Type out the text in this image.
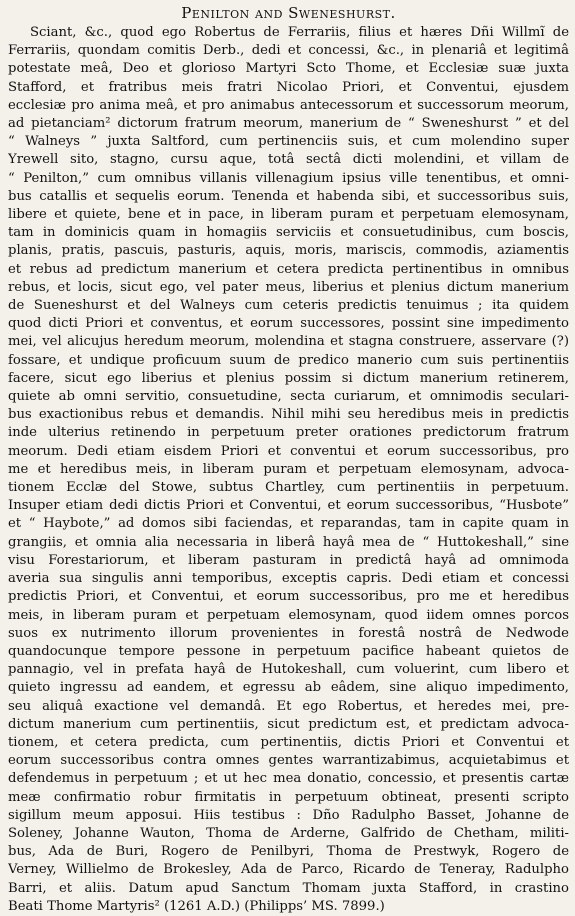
Penilton and Sweneshurst.
Sciant, &c., quod ego Robertus de Ferrariis, filius et hæres Dñi Willmĩ de
Ferrariis, quondam comitis Derb., dedi et concessi, &c., in plenariâ et legitimâ
potestate meâ, Deo et glorioso Martyri Scto Thome, et Ecclesiæ suæ juxta
Stafford, et fratribus meis fratri Nicolao Priori, et Conventui, ejusdem
ecclesiæ pro anima meâ, et pro animabus antecessorum et successorum meorum,
ad pietanciam² dictorum fratrum meorum, manerium de “ Sweneshurst ” et del
“ Walneys ” juxta Saltford, cum pertinenciis suis, et cum molendino super
Yrewell sito, stagno, cursu aque, totâ sectâ dicti molendini, et villam de
“ Penilton,” cum omnibus villanis villenagium ipsius ville tenentibus, et omni-
bus catallis et sequelis eorum. Tenenda et habenda sibi, et successoribus suis,
libere et quiete, bene et in pace, in liberam puram et perpetuam elemosynam,
tam in dominicis quam in homagiis serviciis et consuetudinibus, cum boscis,
planis, pratis, pascuis, pasturis, aquis, moris, mariscis, commodis, aziamentis
et rebus ad predictum manerium et cetera predicta pertinentibus in omnibus
rebus, et locis, sicut ego, vel pater meus, liberius et plenius dictum manerium
de Sueneshurst et del Walneys cum ceteris predictis tenuimus ; ita quidem
quod dicti Priori et conventus, et eorum successores, possint sine impedimento
mei, vel alicujus heredum meorum, molendina et stagna construere, asservare (?)
fossare, et undique proficuum suum de predico manerio cum suis pertinentiis
facere, sicut ego liberius et plenius possim si dictum manerium retinerem,
quiete ab omni servitio, consuetudine, secta curiarum, et omnimodis seculari-
bus exactionibus rebus et demandis. Nihil mihi seu heredibus meis in predictis
inde ulterius retinendo in perpetuum preter orationes predictorum fratrum
meorum. Dedi etiam eisdem Priori et conventui et eorum successoribus, pro
me et heredibus meis, in liberam puram et perpetuam elemosynam, advoca-
tionem Ecclæ del Stowe, subtus Chartley, cum pertinentiis in perpetuum.
Insuper etiam dedi dictis Priori et Conventui, et eorum successoribus, “Husbote”
et “ Haybote,” ad domos sibi faciendas, et reparandas, tam in capite quam in
grangiis, et omnia alia necessaria in liberâ hayâ mea de “ Huttokeshall,” sine
visu Forestariorum, et liberam pasturam in predictâ hayâ ad omnimoda
averia sua singulis anni temporibus, exceptis capris. Dedi etiam et concessi
predictis Priori, et Conventui, et eorum successoribus, pro me et heredibus
meis, in liberam puram et perpetuam elemosynam, quod iidem omnes porcos
suos ex nutrimento illorum provenientes in forestâ nostrâ de Nedwode
quandocunque tempore pessone in perpetuum pacifice habeant quietos de
pannagio, vel in prefata hayâ de Hutokeshall, cum voluerint, cum libero et
quieto ingressu ad eandem, et egressu ab eâdem, sine aliquo impedimento,
seu aliquâ exactione vel demandâ. Et ego Robertus, et heredes mei, pre-
dictum manerium cum pertinentiis, sicut predictum est, et predictam advoca-
tionem, et cetera predicta, cum pertinentiis, dictis Priori et Conventui et
eorum successoribus contra omnes gentes warrantizabimus, acquietabimus et
defendemus in perpetuum ; et ut hec mea donatio, concessio, et presentis cartæ
meæ confirmatio robur firmitatis in perpetuum obtineat, presenti scripto
sigillum meum apposui. Hiis testibus : Dño Radulpho Basset, Johanne de
Soleney, Johanne Wauton, Thoma de Arderne, Galfrido de Chetham, militi-
bus, Ada de Buri, Rogero de Penilbyri, Thoma de Prestwyk, Rogero de
Verney, Willielmo de Brokesley, Ada de Parco, Ricardo de Teneray, Radulpho
Barri, et aliis. Datum apud Sanctum Thomam juxta Stafford, in crastino
Beati Thome Martyris² (1261 A.D.) (Philipps’ MS. 7899.)
